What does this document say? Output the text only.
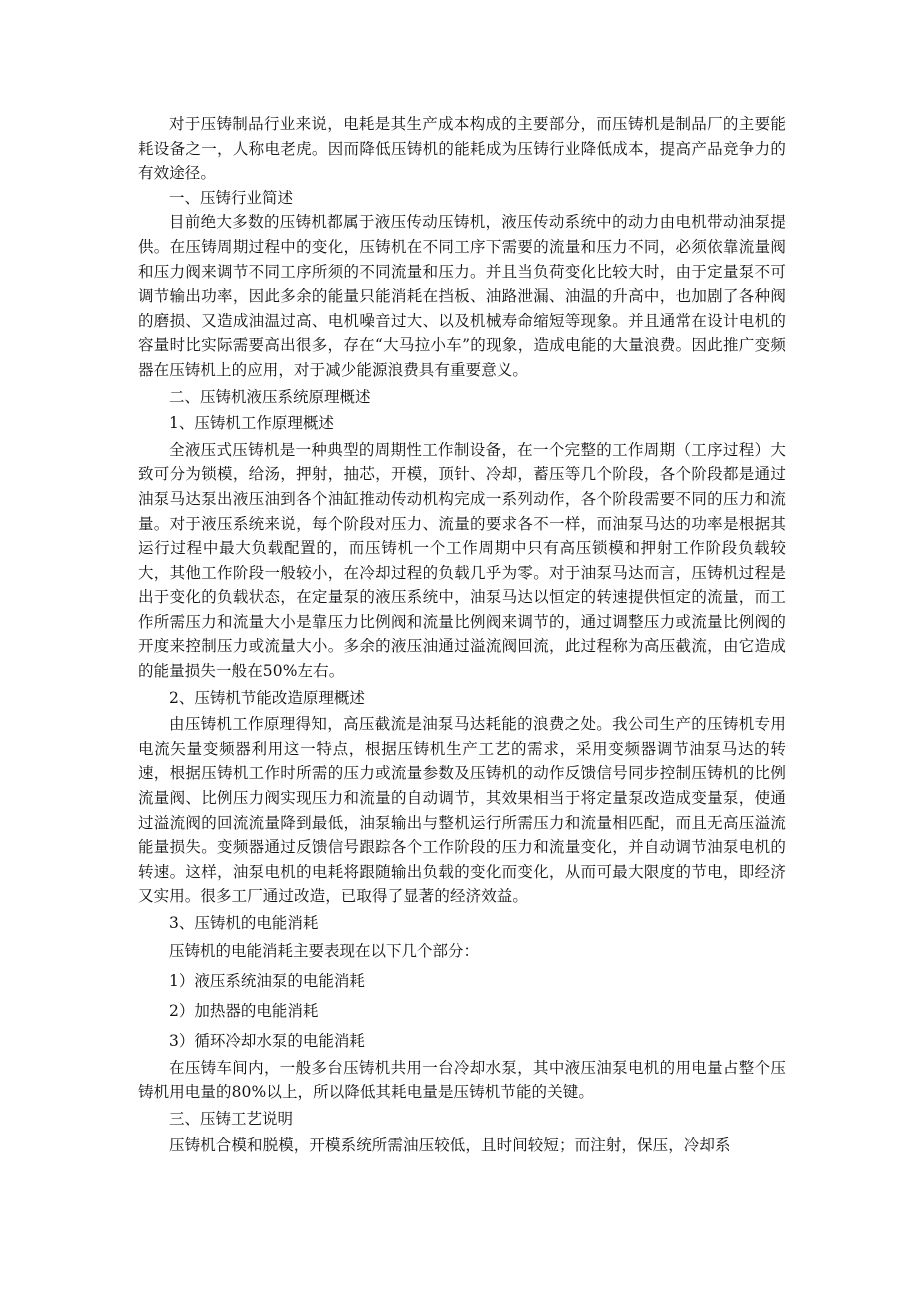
对于压铸制品行业来说，电耗是其生产成本构成的主要部分，而压铸机是制品厂的主要能耗设备之一，人称电老虎。因而降低压铸机的能耗成为压铸行业降低成本，提高产品竞争力的有效途径。

一、压铸行业简述

目前绝大多数的压铸机都属于液压传动压铸机，液压传动系统中的动力由电机带动油泵提供。在压铸周期过程中的变化，压铸机在不同工序下需要的流量和压力不同，必须依靠流量阀和压力阀来调节不同工序所须的不同流量和压力。并且当负荷变化比较大时，由于定量泵不可调节输出功率，因此多余的能量只能消耗在挡板、油路泄漏、油温的升高中，也加剧了各种阀的磨损、又造成油温过高、电机噪音过大、以及机械寿命缩短等现象。并且通常在设计电机的容量时比实际需要高出很多，存在“大马拉小车”的现象，造成电能的大量浪费。因此推广变频器在压铸机上的应用，对于减少能源浪费具有重要意义。

二、压铸机液压系统原理概述

1、压铸机工作原理概述

全液压式压铸机是一种典型的周期性工作制设备，在一个完整的工作周期（工序过程）大致可分为锁模，给汤，押射，抽芯，开模，顶针、冷却，蓄压等几个阶段，各个阶段都是通过油泵马达泵出液压油到各个油缸推动传动机构完成一系列动作，各个阶段需要不同的压力和流量。对于液压系统来说，每个阶段对压力、流量的要求各不一样，而油泵马达的功率是根据其运行过程中最大负载配置的，而压铸机一个工作周期中只有高压锁模和押射工作阶段负载较大，其他工作阶段一般较小，在冷却过程的负载几乎为零。对于油泵马达而言，压铸机过程是出于变化的负载状态，在定量泵的液压系统中，油泵马达以恒定的转速提供恒定的流量，而工作所需压力和流量大小是靠压力比例阀和流量比例阀来调节的，通过调整压力或流量比例阀的开度来控制压力或流量大小。多余的液压油通过溢流阀回流，此过程称为高压截流，由它造成的能量损失一般在50%左右。

2、压铸机节能改造原理概述

由压铸机工作原理得知，高压截流是油泵马达耗能的浪费之处。我公司生产的压铸机专用电流矢量变频器利用这一特点，根据压铸机生产工艺的需求，采用变频器调节油泵马达的转速，根据压铸机工作时所需的压力或流量参数及压铸机的动作反馈信号同步控制压铸机的比例流量阀、比例压力阀实现压力和流量的自动调节，其效果相当于将定量泵改造成变量泵，使通过溢流阀的回流流量降到最低，油泵输出与整机运行所需压力和流量相匹配，而且无高压溢流能量损失。变频器通过反馈信号跟踪各个工作阶段的压力和流量变化，并自动调节油泵电机的转速。这样，油泵电机的电耗将跟随输出负载的变化而变化，从而可最大限度的节电，即经济又实用。很多工厂通过改造，已取得了显著的经济效益。

3、压铸机的电能消耗

压铸机的电能消耗主要表现在以下几个部分：

1）液压系统油泵的电能消耗

2）加热器的电能消耗

3）循环冷却水泵的电能消耗

在压铸车间内，一般多台压铸机共用一台冷却水泵，其中液压油泵电机的用电量占整个压铸机用电量的80%以上，所以降低其耗电量是压铸机节能的关键。

三、压铸工艺说明

压铸机合模和脱模，开模系统所需油压较低，且时间较短；而注射，保压，冷却系
